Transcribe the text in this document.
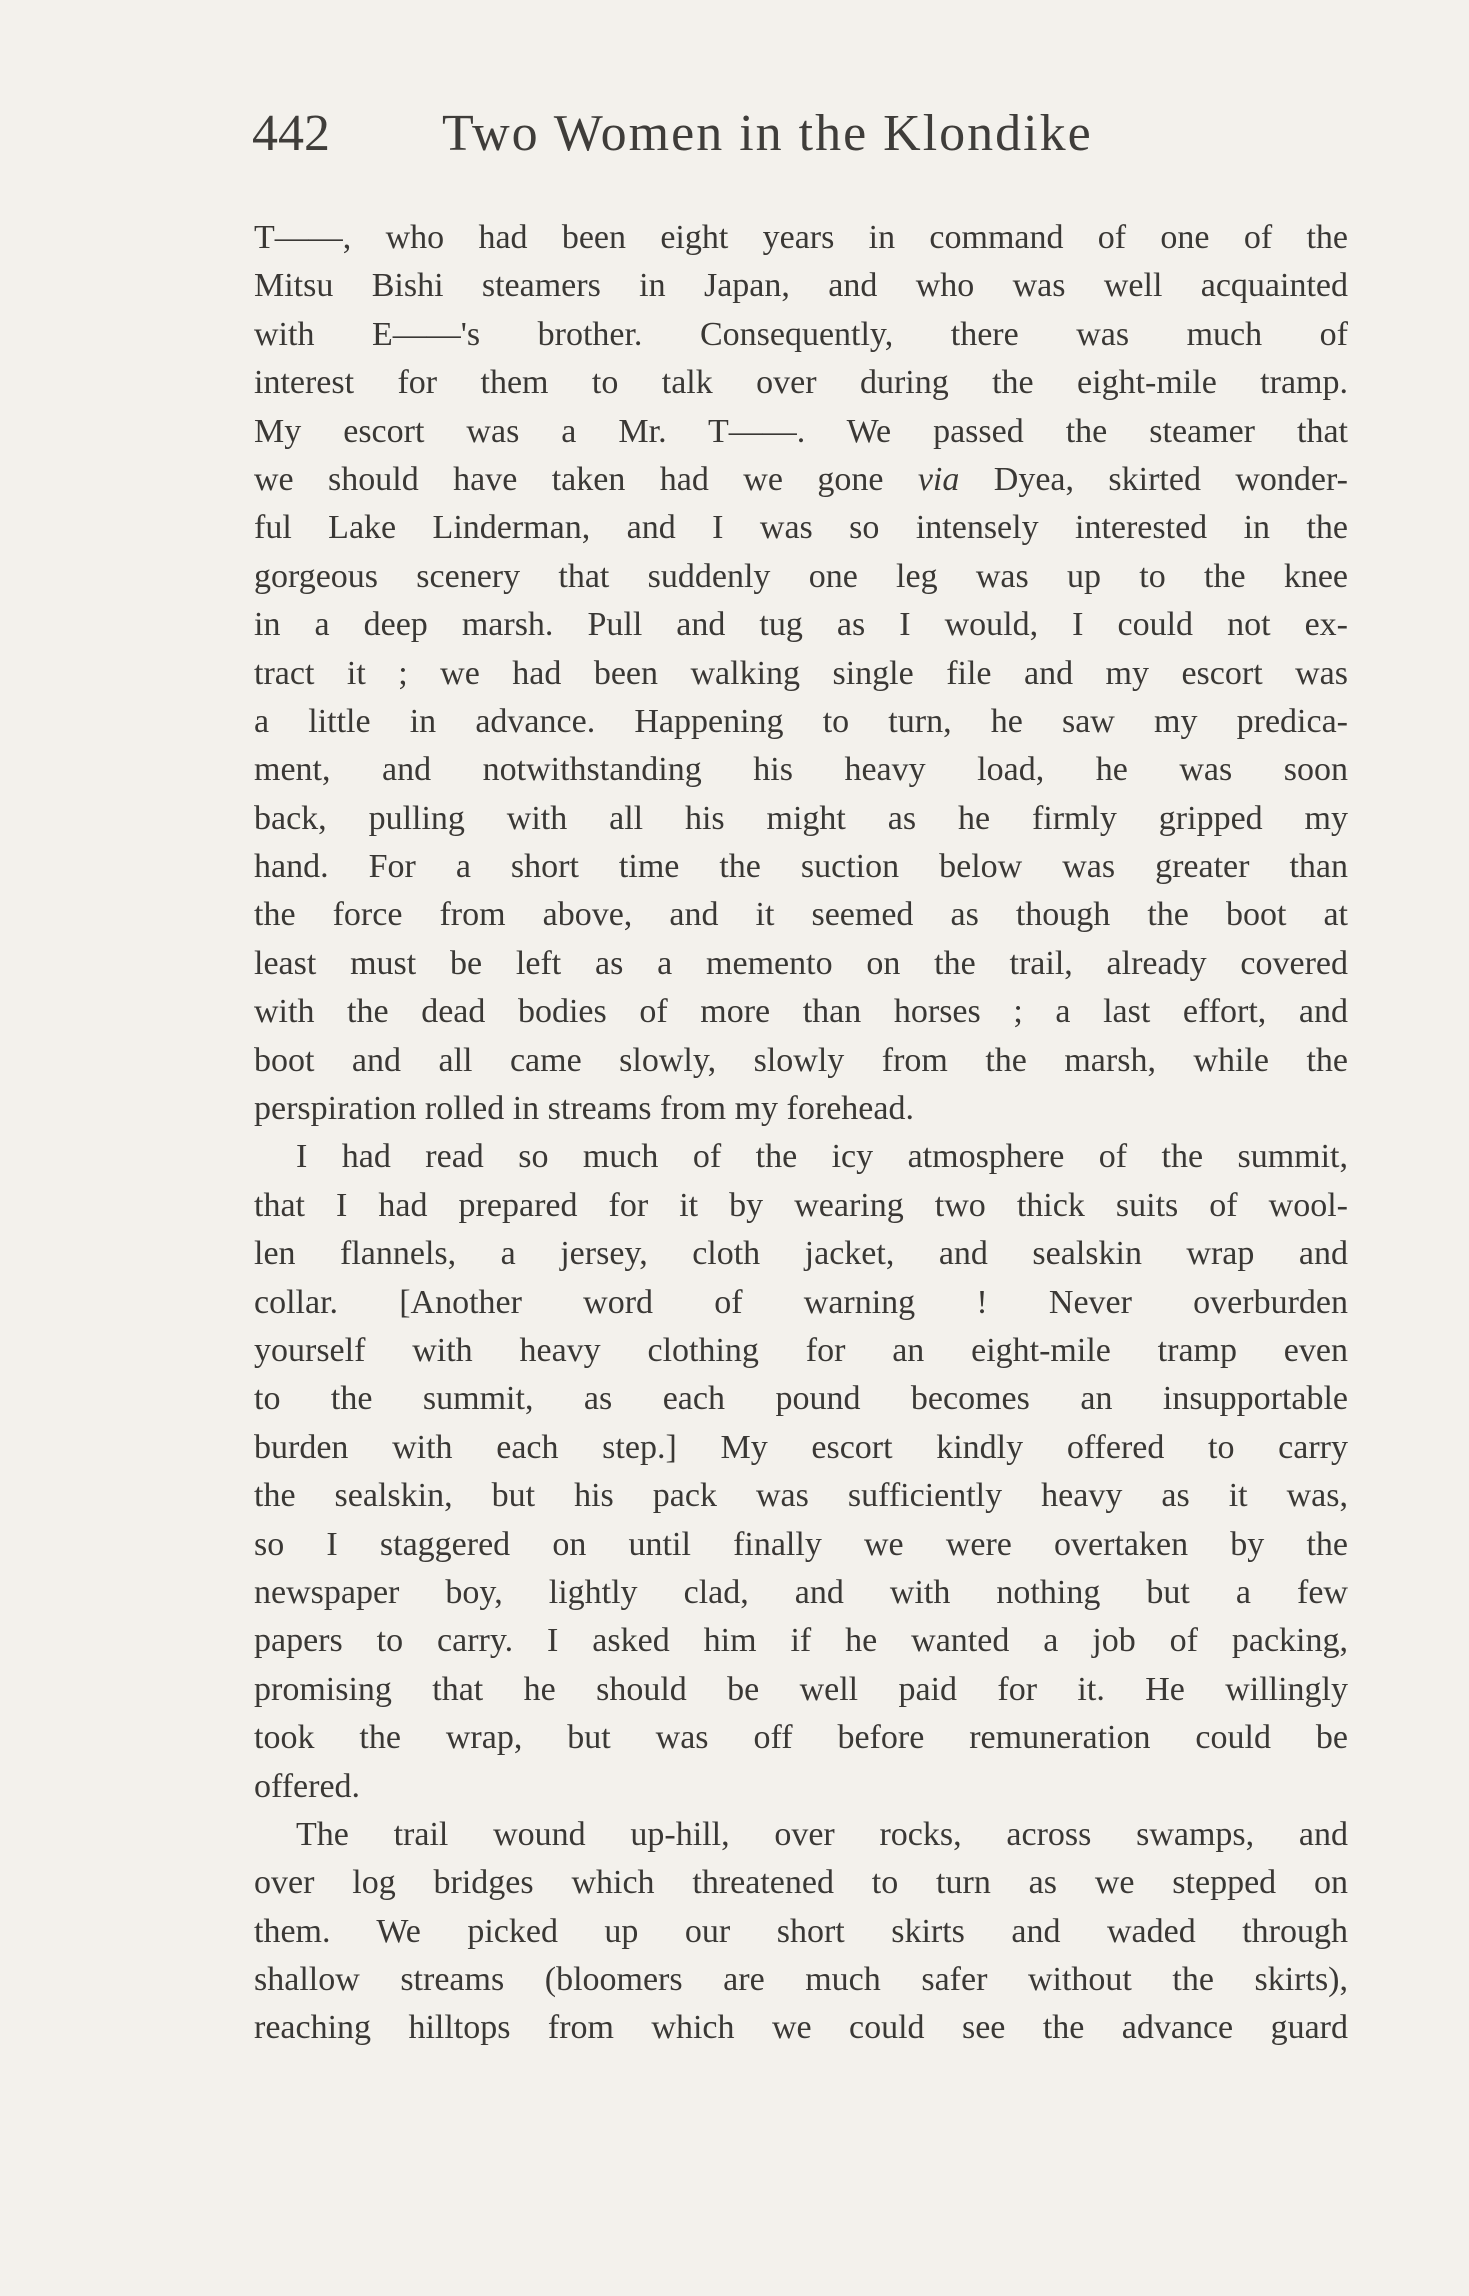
442 Two Women in the Klondike
T——, who had been eight years in command of one of the
Mitsu Bishi steamers in Japan, and who was well acquainted
with E——'s brother. Consequently, there was much of
interest for them to talk over during the eight-mile tramp.
My escort was a Mr. T——. We passed the steamer that
we should have taken had we gone via Dyea, skirted wonder-
ful Lake Linderman, and I was so intensely interested in the
gorgeous scenery that suddenly one leg was up to the knee
in a deep marsh. Pull and tug as I would, I could not ex-
tract it ; we had been walking single file and my escort was
a little in advance. Happening to turn, he saw my predica-
ment, and notwithstanding his heavy load, he was soon
back, pulling with all his might as he firmly gripped my
hand. For a short time the suction below was greater than
the force from above, and it seemed as though the boot at
least must be left as a memento on the trail, already covered
with the dead bodies of more than horses ; a last effort, and
boot and all came slowly, slowly from the marsh, while the
perspiration rolled in streams from my forehead.
I had read so much of the icy atmosphere of the summit,
that I had prepared for it by wearing two thick suits of wool-
len flannels, a jersey, cloth jacket, and sealskin wrap and
collar. [Another word of warning ! Never overburden
yourself with heavy clothing for an eight-mile tramp even
to the summit, as each pound becomes an insupportable
burden with each step.] My escort kindly offered to carry
the sealskin, but his pack was sufficiently heavy as it was,
so I staggered on until finally we were overtaken by the
newspaper boy, lightly clad, and with nothing but a few
papers to carry. I asked him if he wanted a job of packing,
promising that he should be well paid for it. He willingly
took the wrap, but was off before remuneration could be
offered.
The trail wound up-hill, over rocks, across swamps, and
over log bridges which threatened to turn as we stepped on
them. We picked up our short skirts and waded through
shallow streams (bloomers are much safer without the skirts),
reaching hilltops from which we could see the advance guard
